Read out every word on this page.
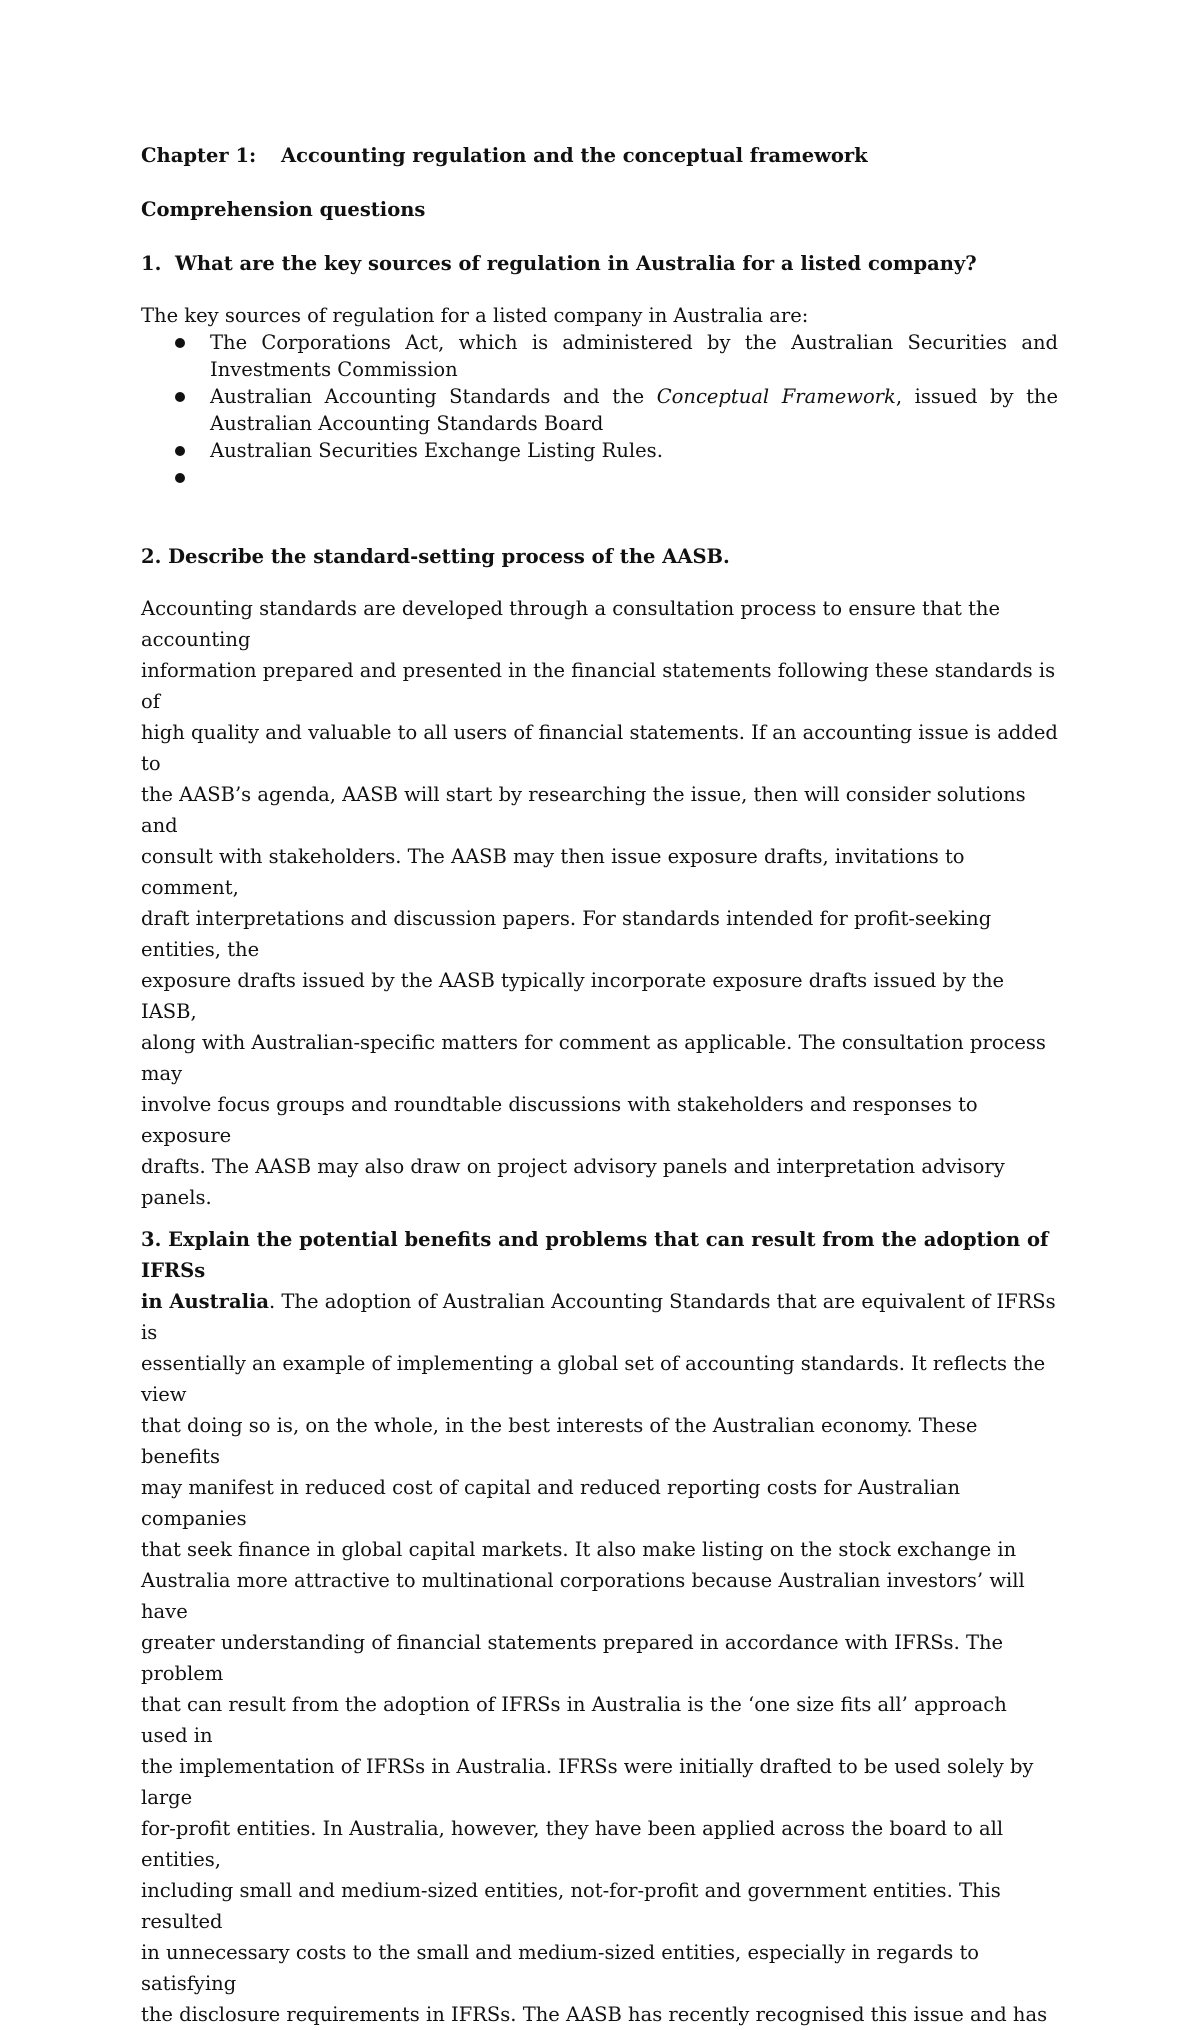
Chapter 1: Accounting regulation and the conceptual framework
Comprehension questions
1. What are the key sources of regulation in Australia for a listed company?
The key sources of regulation for a listed company in Australia are:
The Corporations Act, which is administered by the Australian Securities and Investments Commission
Australian Accounting Standards and the Conceptual Framework, issued by the Australian Accounting Standards Board
Australian Securities Exchange Listing Rules.
2. Describe the standard-setting process of the AASB.

Accounting standards are developed through a consultation process to ensure that the accounting

information prepared and presented in the financial statements following these standards is of

high quality and valuable to all users of financial statements. If an accounting issue is added to

the AASB’s agenda, AASB will start by researching the issue, then will consider solutions and

consult with stakeholders. The AASB may then issue exposure drafts, invitations to comment,

draft interpretations and discussion papers. For standards intended for profit-seeking entities, the

exposure drafts issued by the AASB typically incorporate exposure drafts issued by the IASB,

along with Australian-specific matters for comment as applicable. The consultation process may

involve focus groups and roundtable discussions with stakeholders and responses to exposure

drafts. The AASB may also draw on project advisory panels and interpretation advisory panels.

3. Explain the potential benefits and problems that can result from the adoption of IFRSs

in Australia. The adoption of Australian Accounting Standards that are equivalent of IFRSs is

essentially an example of implementing a global set of accounting standards. It reflects the view

that doing so is, on the whole, in the best interests of the Australian economy. These benefits

may manifest in reduced cost of capital and reduced reporting costs for Australian companies

that seek finance in global capital markets. It also make listing on the stock exchange in

Australia more attractive to multinational corporations because Australian investors’ will have

greater understanding of financial statements prepared in accordance with IFRSs. The problem

that can result from the adoption of IFRSs in Australia is the ‘one size fits all’ approach used in

the implementation of IFRSs in Australia. IFRSs were initially drafted to be used solely by large

for-profit entities. In Australia, however, they have been applied across the board to all entities,

including small and medium-sized entities, not-for-profit and government entities. This resulted

in unnecessary costs to the small and medium-sized entities, especially in regards to satisfying

the disclosure requirements in IFRSs. The AASB has recently recognised this issue and has
